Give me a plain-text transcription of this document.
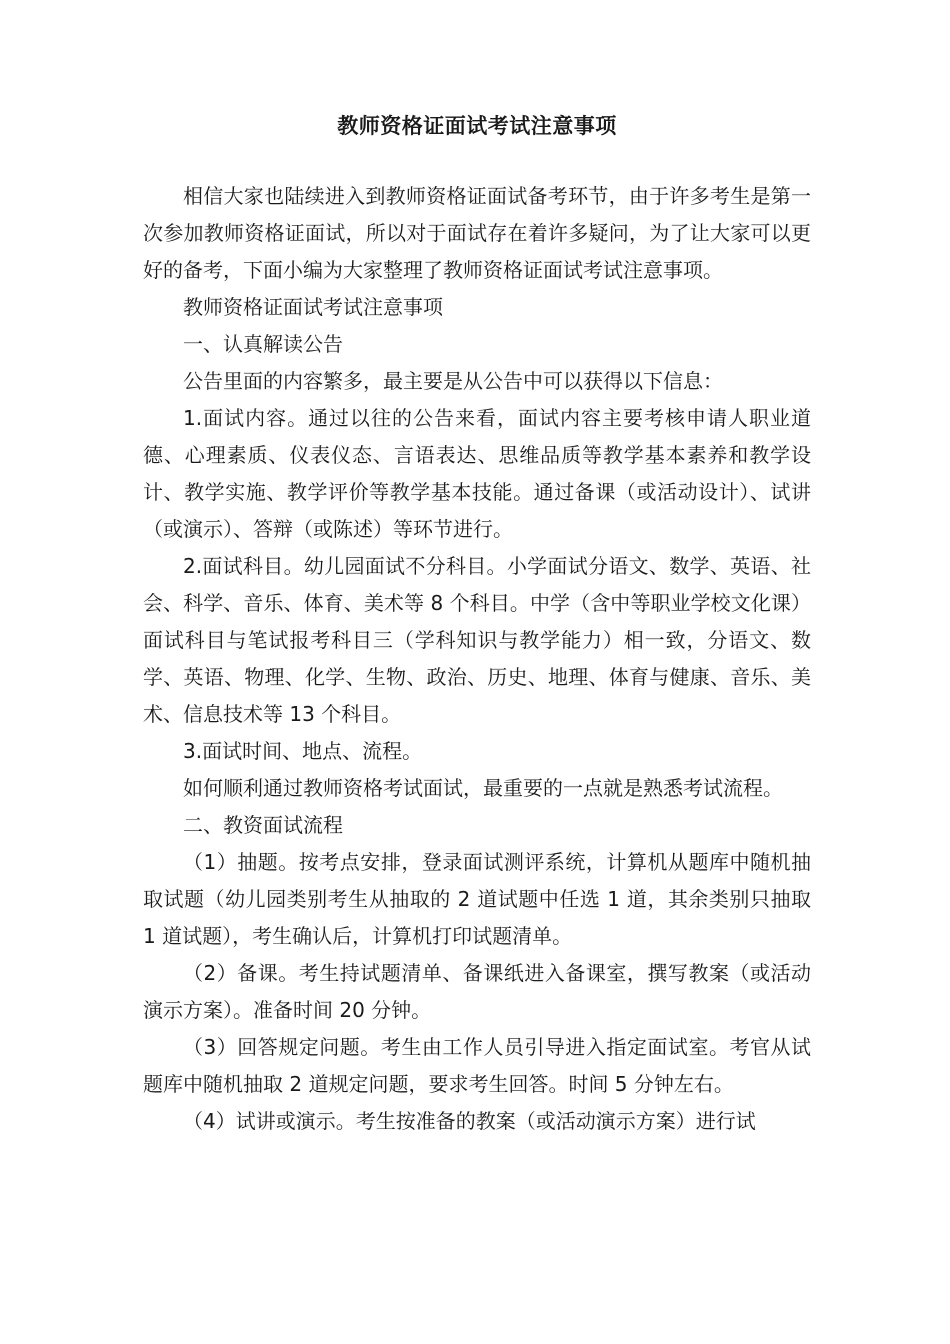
教师资格证面试考试注意事项

相信大家也陆续进入到教师资格证面试备考环节，由于许多考生是第一次参加教师资格证面试，所以对于面试存在着许多疑问，为了让大家可以更好的备考，下面小编为大家整理了教师资格证面试考试注意事项。

教师资格证面试考试注意事项

一、认真解读公告

公告里面的内容繁多，最主要是从公告中可以获得以下信息：

1.面试内容。通过以往的公告来看，面试内容主要考核申请人职业道德、心理素质、仪表仪态、言语表达、思维品质等教学基本素养和教学设计、教学实施、教学评价等教学基本技能。通过备课（或活动设计）、试讲（或演示）、答辩（或陈述）等环节进行。

2.面试科目。幼儿园面试不分科目。小学面试分语文、数学、英语、社会、科学、音乐、体育、美术等 8 个科目。中学（含中等职业学校文化课）面试科目与笔试报考科目三（学科知识与教学能力）相一致，分语文、数学、英语、物理、化学、生物、政治、历史、地理、体育与健康、音乐、美术、信息技术等 13 个科目。

3.面试时间、地点、流程。

如何顺利通过教师资格考试面试，最重要的一点就是熟悉考试流程。

二、教资面试流程

（1）抽题。按考点安排，登录面试测评系统，计算机从题库中随机抽取试题（幼儿园类别考生从抽取的 2 道试题中任选 1 道，其余类别只抽取 1 道试题），考生确认后，计算机打印试题清单。

（2）备课。考生持试题清单、备课纸进入备课室，撰写教案（或活动演示方案）。准备时间 20 分钟。

（3）回答规定问题。考生由工作人员引导进入指定面试室。考官从试题库中随机抽取 2 道规定问题，要求考生回答。时间 5 分钟左右。

（4）试讲或演示。考生按准备的教案（或活动演示方案）进行试
